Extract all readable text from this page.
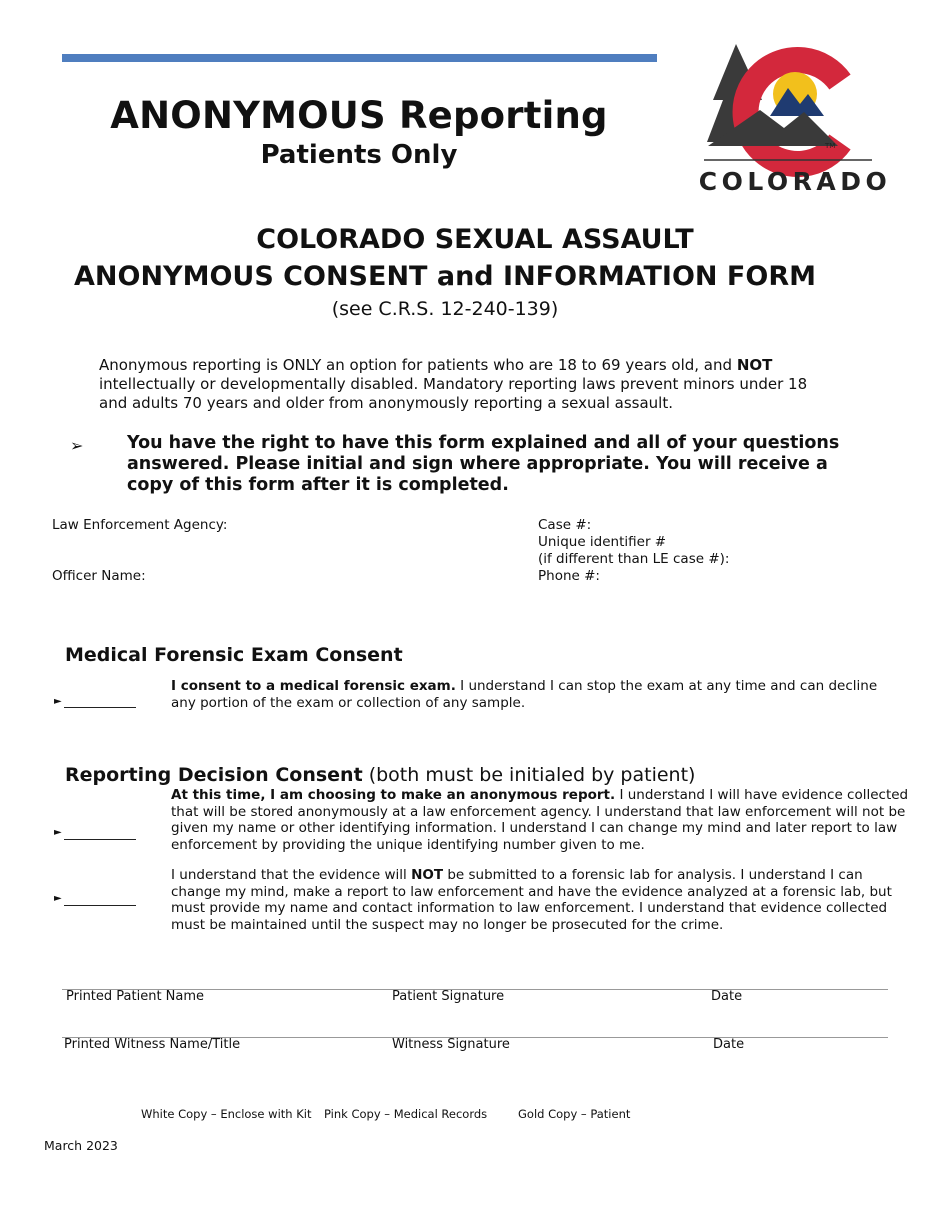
ANONYMOUS Reporting
Patients Only	TM
COLORADO
COLORADO SEXUAL ASSAULT
ANONYMOUS CONSENT and INFORMATION FORM
(see C.R.S. 12-240-139)
Anonymous reporting is ONLY an option for patients who are 18 to 69 years old, and NOT intellectually or developmentally disabled. Mandatory reporting laws prevent minors under 18 and adults 70 years and older from anonymously reporting a sexual assault.
➢ You have the right to have this form explained and all of your questions answered. Please initial and sign where appropriate. You will receive a copy of this form after it is completed.
Law Enforcement Agency:
Officer Name:
Case #:
Unique identifier #
(if different than LE case #):
Phone #:
Medical Forensic Exam Consent
►
I consent to a medical forensic exam. I understand I can stop the exam at any time and can decline any portion of the exam or collection of any sample.
Reporting Decision Consent (both must be initialed by patient)
►
At this time, I am choosing to make an anonymous report. I understand I will have evidence collected that will be stored anonymously at a law enforcement agency. I understand that law enforcement will not be given my name or other identifying information. I understand I can change my mind and later report to law enforcement by providing the unique identifying number given to me.
►
I understand that the evidence will NOT be submitted to a forensic lab for analysis. I understand I can change my mind, make a report to law enforcement and have the evidence analyzed at a forensic lab, but must provide my name and contact information to law enforcement. I understand that evidence collected must be maintained until the suspect may no longer be prosecuted for the crime.
Printed Patient Name	Patient Signature	Date
Printed Witness Name/Title	Witness Signature	Date
White Copy – Enclose with Kit Pink Copy – Medical Records	Gold Copy – Patient
March 2023
